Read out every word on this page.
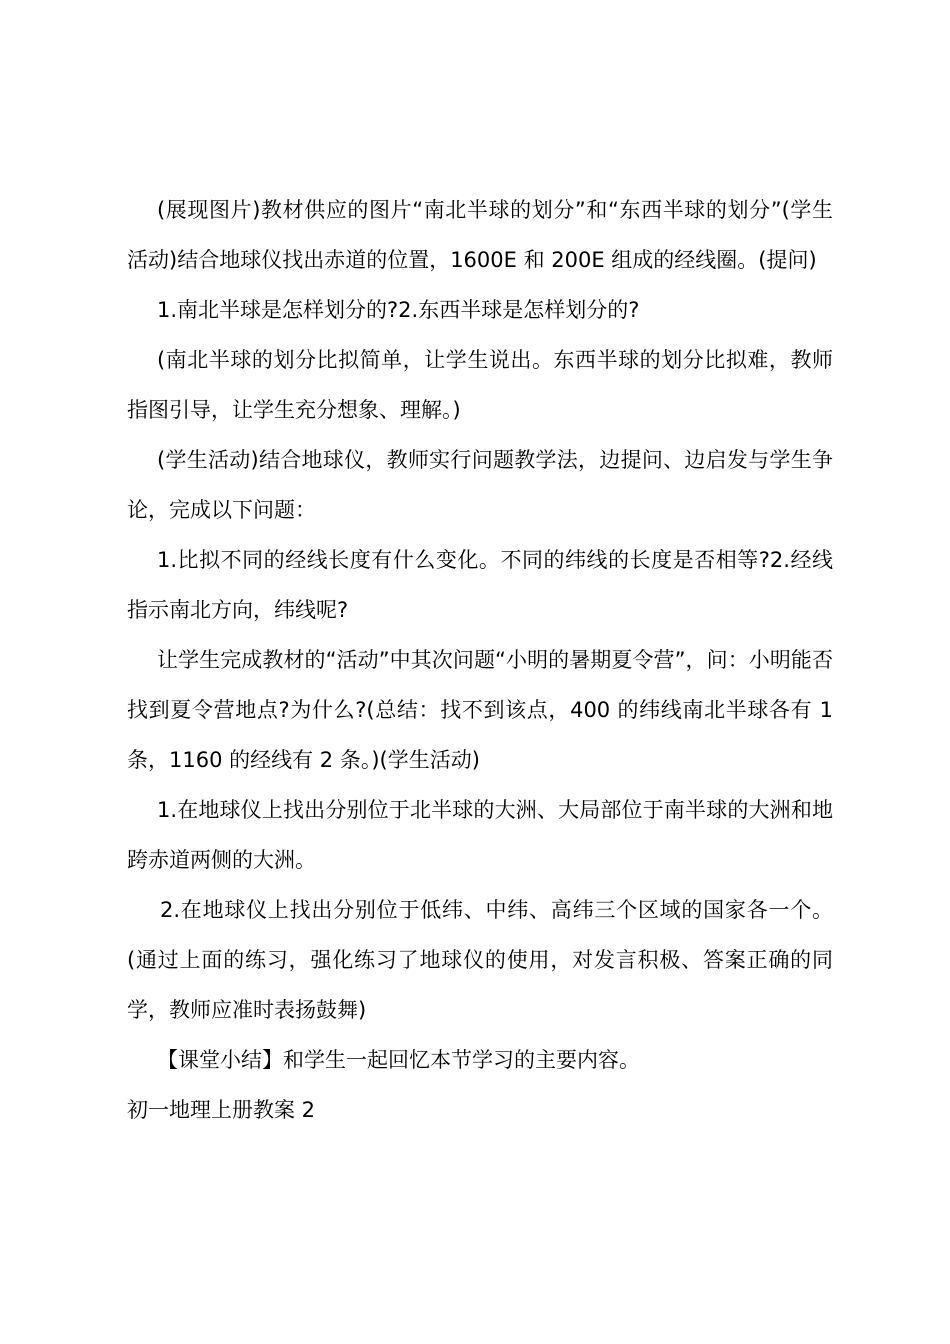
(展现图片)教材供应的图片“南北半球的划分”和“东西半球的划分”(学生活动)结合地球仪找出赤道的位置，1600E 和 200E 组成的经线圈。(提问)

1.南北半球是怎样划分的?2.东西半球是怎样划分的?

(南北半球的划分比拟简单，让学生说出。东西半球的划分比拟难，教师指图引导，让学生充分想象、理解。)

(学生活动)结合地球仪，教师实行问题教学法，边提问、边启发与学生争论，完成以下问题：

1.比拟不同的经线长度有什么变化。不同的纬线的长度是否相等?2.经线指示南北方向，纬线呢?

让学生完成教材的“活动”中其次问题“小明的暑期夏令营”，问：小明能否找到夏令营地点?为什么?(总结：找不到该点，400 的纬线南北半球各有 1 条，1160 的经线有 2 条。)(学生活动)

1.在地球仪上找出分别位于北半球的大洲、大局部位于南半球的大洲和地跨赤道两侧的大洲。

2.在地球仪上找出分别位于低纬、中纬、高纬三个区域的国家各一个。(通过上面的练习，强化练习了地球仪的使用，对发言积极、答案正确的同学，教师应准时表扬鼓舞)

【课堂小结】和学生一起回忆本节学习的主要内容。

初一地理上册教案 2
